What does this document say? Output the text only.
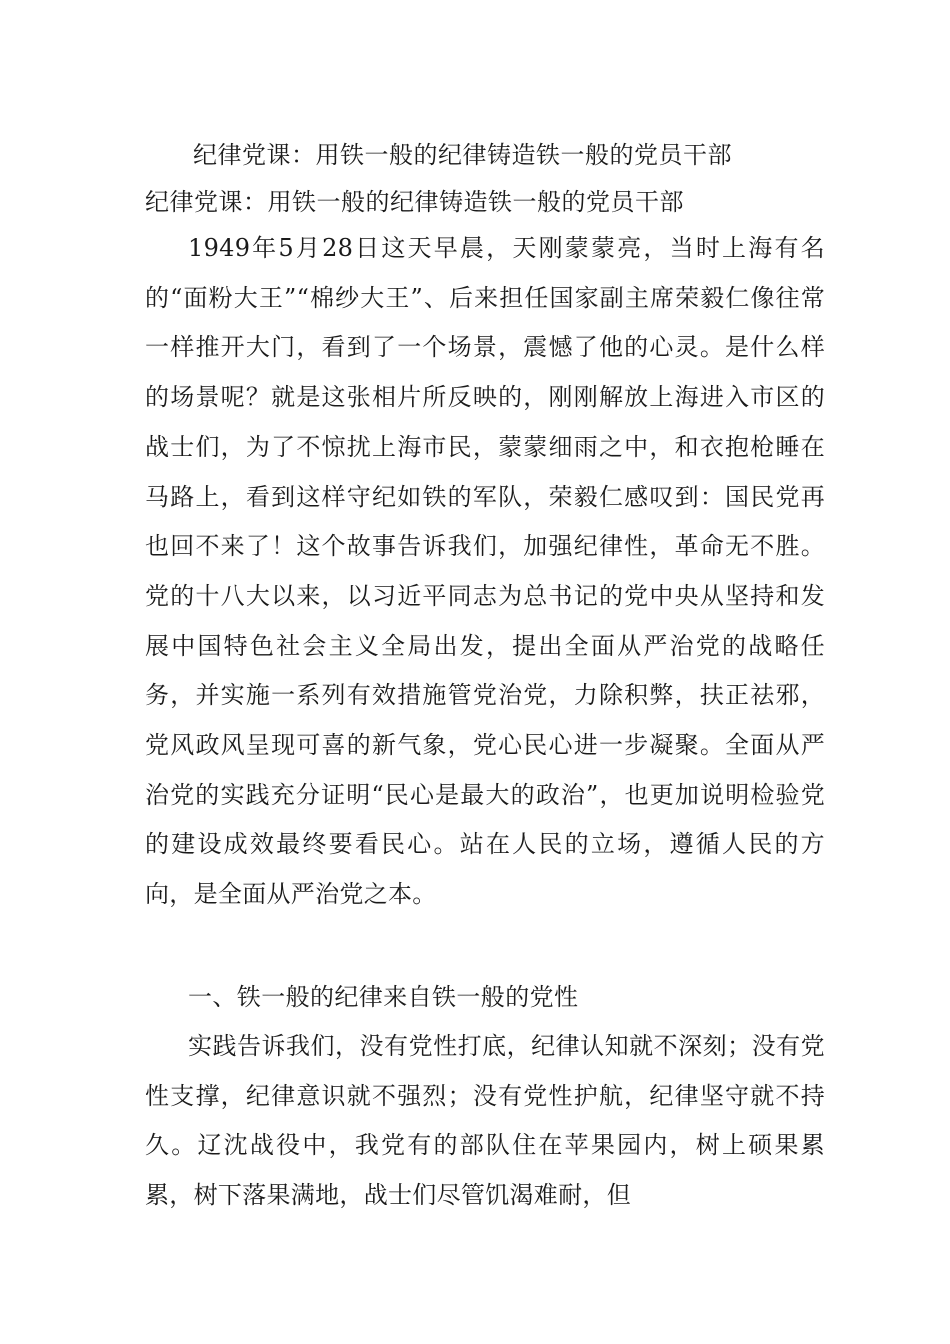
纪律党课：用铁一般的纪律铸造铁一般的党员干部
纪律党课：用铁一般的纪律铸造铁一般的党员干部

1949年5月28日这天早晨，天刚蒙蒙亮，当时上海有名的“面粉大王”“棉纱大王”、后来担任国家副主席荣毅仁像往常一样推开大门，看到了一个场景，震憾了他的心灵。是什么样的场景呢？就是这张相片所反映的，刚刚解放上海进入市区的战士们，为了不惊扰上海市民，蒙蒙细雨之中，和衣抱枪睡在马路上，看到这样守纪如铁的军队，荣毅仁感叹到：国民党再也回不来了！这个故事告诉我们，加强纪律性，革命无不胜。党的十八大以来，以习近平同志为总书记的党中央从坚持和发展中国特色社会主义全局出发，提出全面从严治党的战略任务，并实施一系列有效措施管党治党，力除积弊，扶正祛邪，党风政风呈现可喜的新气象，党心民心进一步凝聚。全面从严治党的实践充分证明“民心是最大的政治”，也更加说明检验党的建设成效最终要看民心。站在人民的立场，遵循人民的方向，是全面从严治党之本。

一、铁一般的纪律来自铁一般的党性

实践告诉我们，没有党性打底，纪律认知就不深刻；没有党性支撑，纪律意识就不强烈；没有党性护航，纪律坚守就不持久。辽沈战役中，我党有的部队住在苹果园内，树上硕果累累，树下落果满地，战士们尽管饥渴难耐，但
